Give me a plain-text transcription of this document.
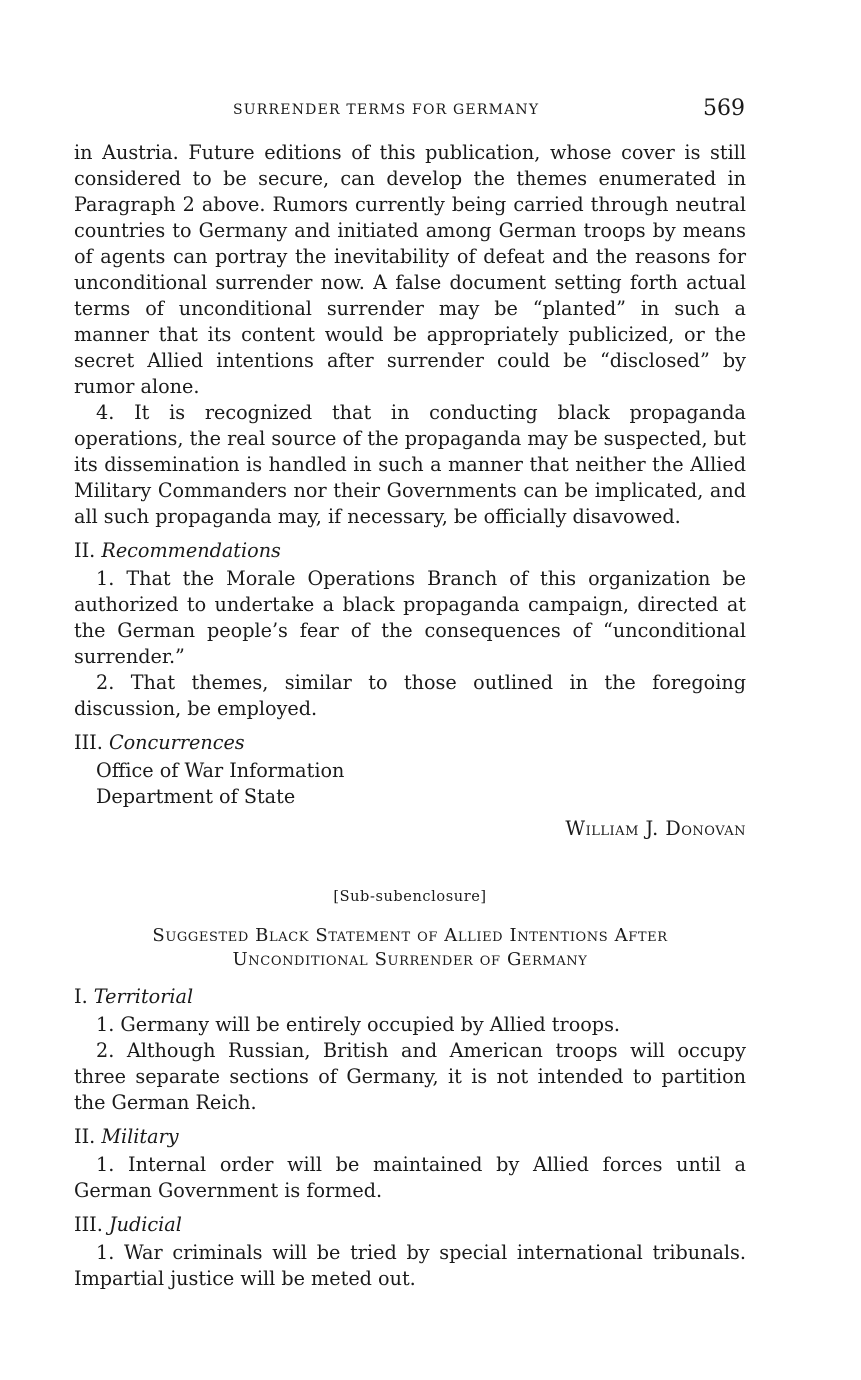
SURRENDER TERMS FOR GERMANY	569

in Austria. Future editions of this publication, whose cover is still considered to be secure, can develop the themes enumerated in Paragraph 2 above. Rumors currently being carried through neutral countries to Germany and initiated among German troops by means of agents can portray the inevitability of defeat and the reasons for unconditional surrender now. A false document setting forth actual terms of unconditional surrender may be “planted” in such a manner that its content would be appropriately publicized, or the secret Allied intentions after surrender could be “disclosed” by rumor alone.

4. It is recognized that in conducting black propaganda operations, the real source of the propaganda may be suspected, but its dissemination is handled in such a manner that neither the Allied Military Commanders nor their Governments can be implicated, and all such propaganda may, if necessary, be officially disavowed.

II. Recommendations

1. That the Morale Operations Branch of this organization be authorized to undertake a black propaganda campaign, directed at the German people’s fear of the consequences of “unconditional surrender.”

2. That themes, similar to those outlined in the foregoing discussion, be employed.

III. Concurrences

Office of War Information

Department of State

William J. Donovan

[Sub-subenclosure]

Suggested Black Statement of Allied Intentions After
Unconditional Surrender of Germany

I. Territorial

1. Germany will be entirely occupied by Allied troops.

2. Although Russian, British and American troops will occupy three separate sections of Germany, it is not intended to partition the German Reich.

II. Military

1. Internal order will be maintained by Allied forces until a German Government is formed.

III. Judicial

1. War criminals will be tried by special international tribunals. Impartial justice will be meted out.
